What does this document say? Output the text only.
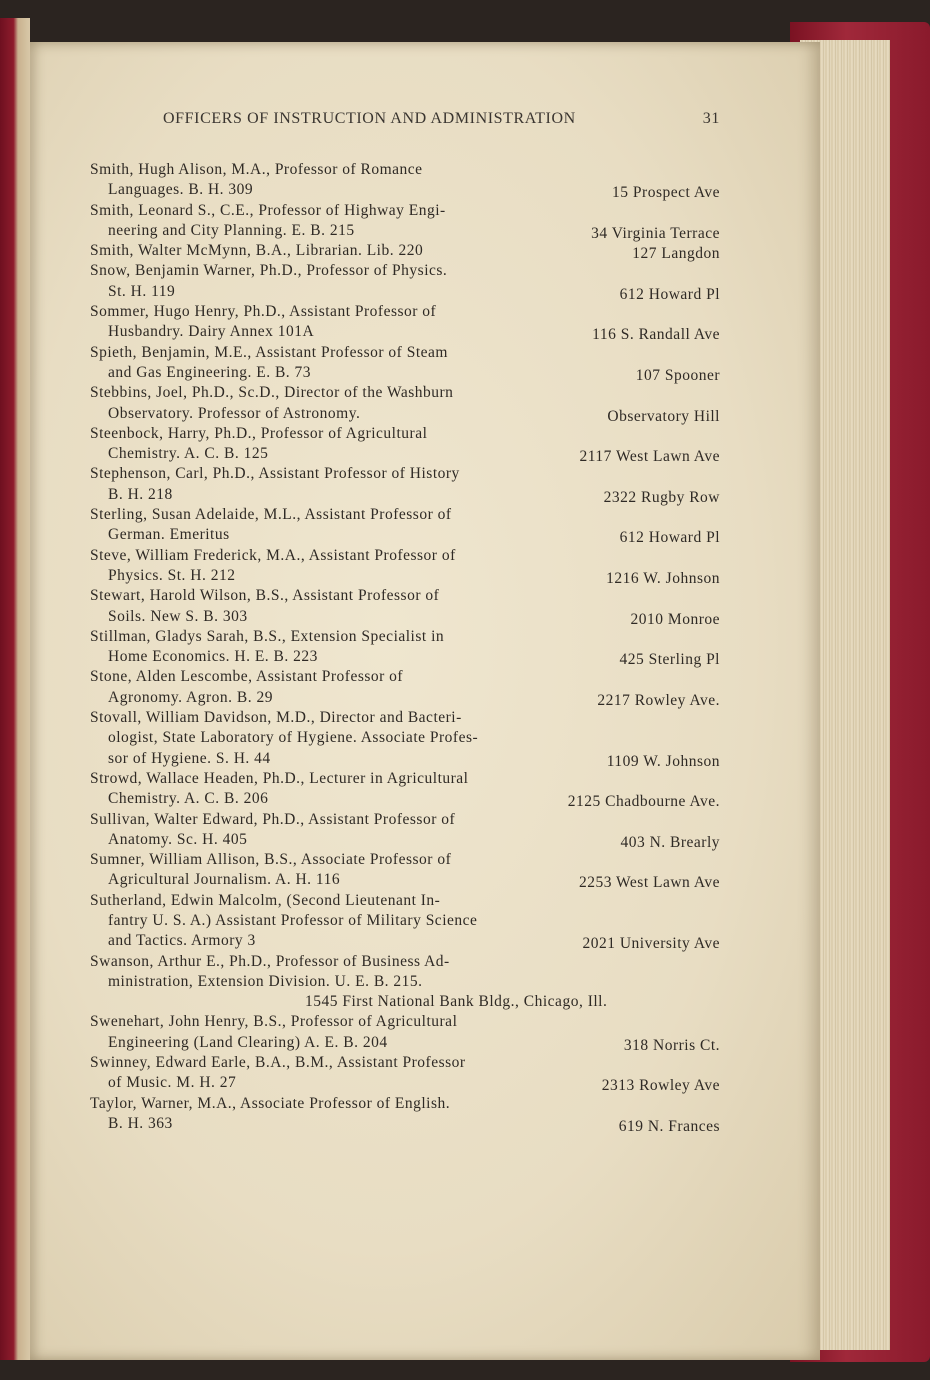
OFFICERS OF INSTRUCTION AND ADMINISTRATION	31
Smith, Hugh Alison, M.A., Professor of Romance
Languages. B. H. 309	15 Prospect Ave
Smith, Leonard S., C.E., Professor of Highway Engi-
neering and City Planning. E. B. 215	34 Virginia Terrace
Smith, Walter McMynn, B.A., Librarian. Lib. 220	127 Langdon
Snow, Benjamin Warner, Ph.D., Professor of Physics.
St. H. 119	612 Howard Pl
Sommer, Hugo Henry, Ph.D., Assistant Professor of
Husbandry. Dairy Annex 101A	116 S. Randall Ave
Spieth, Benjamin, M.E., Assistant Professor of Steam
and Gas Engineering. E. B. 73	107 Spooner
Stebbins, Joel, Ph.D., Sc.D., Director of the Washburn
Observatory. Professor of Astronomy.	Observatory Hill
Steenbock, Harry, Ph.D., Professor of Agricultural
Chemistry. A. C. B. 125	2117 West Lawn Ave
Stephenson, Carl, Ph.D., Assistant Professor of History
B. H. 218	2322 Rugby Row
Sterling, Susan Adelaide, M.L., Assistant Professor of
German. Emeritus	612 Howard Pl
Steve, William Frederick, M.A., Assistant Professor of
Physics. St. H. 212	1216 W. Johnson
Stewart, Harold Wilson, B.S., Assistant Professor of
Soils. New S. B. 303	2010 Monroe
Stillman, Gladys Sarah, B.S., Extension Specialist in
Home Economics. H. E. B. 223	425 Sterling Pl
Stone, Alden Lescombe, Assistant Professor of
Agronomy. Agron. B. 29	2217 Rowley Ave.
Stovall, William Davidson, M.D., Director and Bacteri-
ologist, State Laboratory of Hygiene. Associate Profes-
sor of Hygiene. S. H. 44	1109 W. Johnson
Strowd, Wallace Headen, Ph.D., Lecturer in Agricultural
Chemistry. A. C. B. 206	2125 Chadbourne Ave.
Sullivan, Walter Edward, Ph.D., Assistant Professor of
Anatomy. Sc. H. 405	403 N. Brearly
Sumner, William Allison, B.S., Associate Professor of
Agricultural Journalism. A. H. 116	2253 West Lawn Ave
Sutherland, Edwin Malcolm, (Second Lieutenant In-
fantry U. S. A.) Assistant Professor of Military Science
and Tactics. Armory 3	2021 University Ave
Swanson, Arthur E., Ph.D., Professor of Business Ad-
ministration, Extension Division. U. E. B. 215.
1545 First National Bank Bldg., Chicago, Ill.
Swenehart, John Henry, B.S., Professor of Agricultural
Engineering (Land Clearing) A. E. B. 204	318 Norris Ct.
Swinney, Edward Earle, B.A., B.M., Assistant Professor
of Music. M. H. 27	2313 Rowley Ave
Taylor, Warner, M.A., Associate Professor of English.
B. H. 363	619 N. Frances
